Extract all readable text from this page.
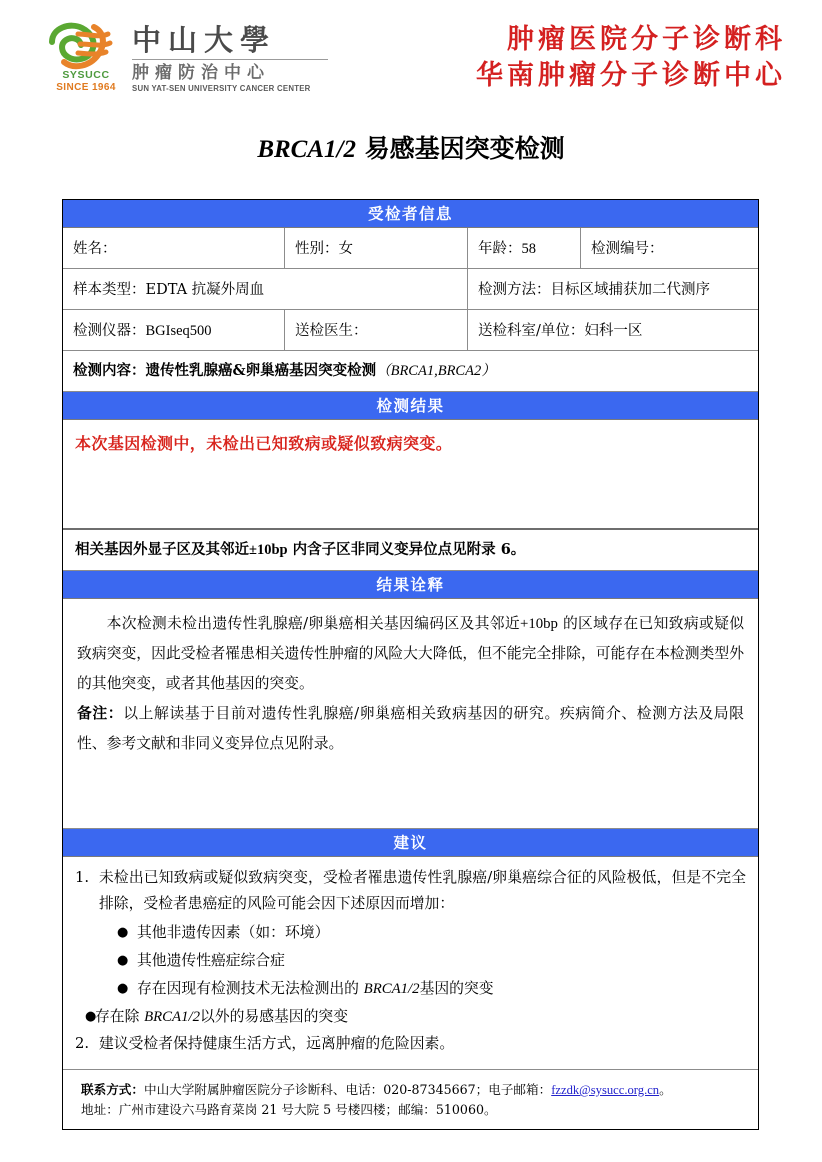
SYSUCC
SINCE 1964
中山大學
肿瘤防治中心
SUN YAT-SEN UNIVERSITY CANCER CENTER
肿瘤医院分子诊断科
华南肿瘤分子诊断中心
BRCA1/2 易感基因突变检测
受检者信息
姓名：	性别： 女	年龄： 58	检测编号：
样本类型： EDTA 抗凝外周血	检测方法： 目标区域捕获加二代测序
检测仪器： BGIseq500	送检医生：	送检科室/单位： 妇科一区
检测内容：遗传性乳腺癌&卵巢癌基因突变检测（BRCA1,BRCA2）
检测结果
本次基因检测中，未检出已知致病或疑似致病突变。
相关基因外显子区及其邻近±10bp 内含子区非同义变异位点见附录 6。
结果诠释

本次检测未检出遗传性乳腺癌/卵巢癌相关基因编码区及其邻近+10bp 的区域存在已知致病或疑似致病突变，因此受检者罹患相关遗传性肿瘤的风险大大降低，但不能完全排除，可能存在本检测类型外的其他突变，或者其他基因的突变。

备注：以上解读基于目前对遗传性乳腺癌/卵巢癌相关致病基因的研究。疾病简介、检测方法及局限性、参考文献和非同义变异位点见附录。

建议
1. 未检出已知致病或疑似致病突变，受检者罹患遗传性乳腺癌/卵巢癌综合征的风险极低，但是不完全排除，受检者患癌症的风险可能会因下述原因而增加：
● 其他非遗传因素（如：环境）
● 其他遗传性癌症综合症
● 存在因现有检测技术无法检测出的 BRCA1/2基因的突变
●
存在除 BRCA1/2以外的易感基因的突变
2. 建议受检者保持健康生活方式，远离肿瘤的危险因素。
联系方式：中山大学附属肿瘤医院分子诊断科、电话：020-87345667；电子邮箱：fzzdk@sysucc.org.cn。
地址：广州市建设六马路育菜岗 21 号大院 5 号楼四楼；邮编：510060。
